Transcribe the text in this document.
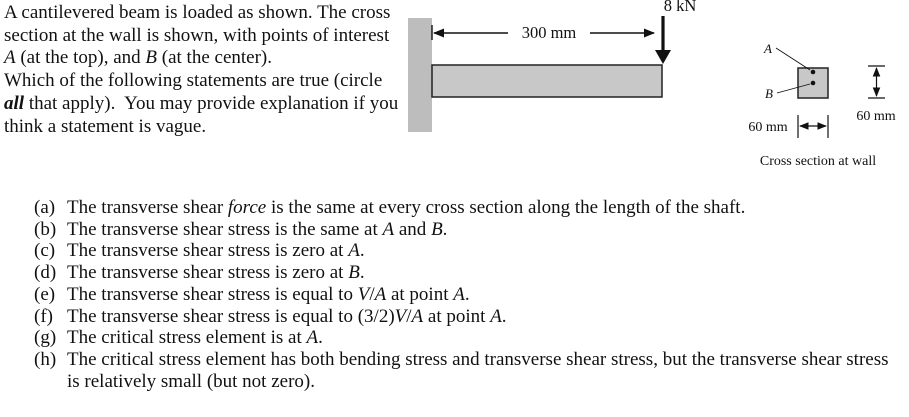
A cantilevered beam is loaded as shown. The cross section at the wall is shown, with points of interest A (at the top), and B (at the center).

Which of the following statements are true (circle all that apply).  You may provide explanation if you think a statement is vague.

300 mm
8 kN
A
B
60 mm
60 mm
Cross section at wall
(a) The transverse shear force is the same at every cross section along the length of the shaft.
(b) The transverse shear stress is the same at A and B.
(c) The transverse shear stress is zero at A.
(d) The transverse shear stress is zero at B.
(e) The transverse shear stress is equal to V/A at point A.
(f) The transverse shear stress is equal to (3/2)V/A at point A.
(g) The critical stress element is at A.
(h) The critical stress element has both bending stress and transverse shear stress, but the transverse shear stress is relatively small (but not zero).
